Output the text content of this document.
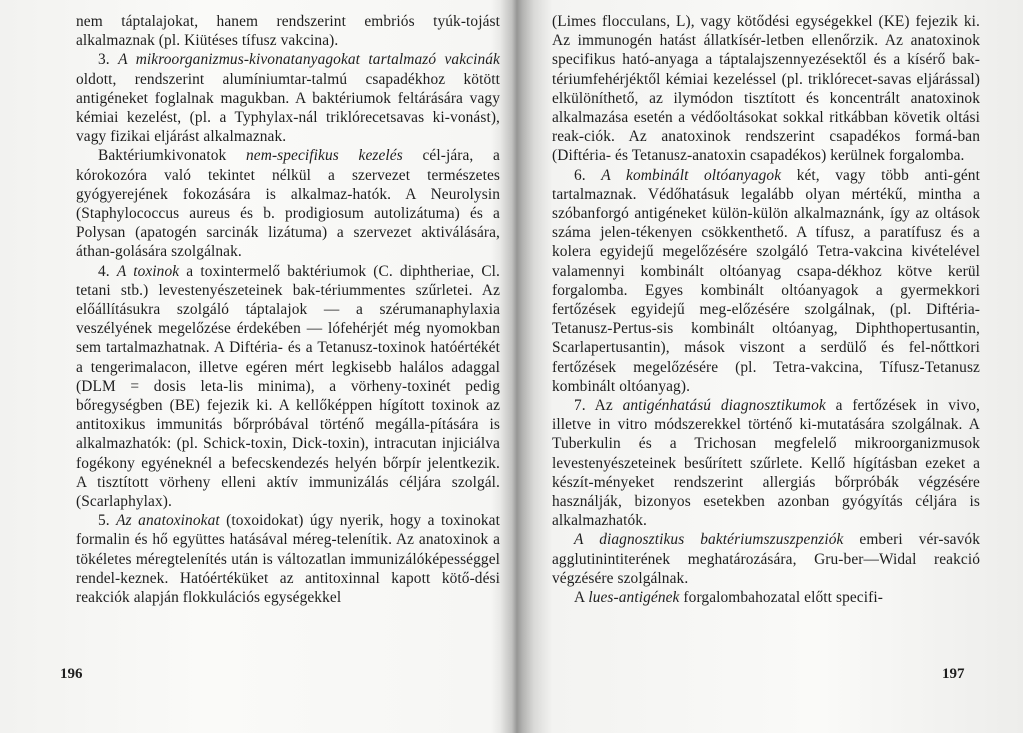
nem táptalajokat, hanem rendszerint embriós tyúk-tojást alkalmaznak (pl. Kiütéses tífusz vakcina).

3. A mikroorganizmus-kivonatanyagokat tartalmazó vakcinák oldott, rendszerint alumíniumtar-talmú csapadékhoz kötött antigéneket foglalnak magukban. A baktériumok feltárására vagy kémiai kezelést, (pl. a Typhylax-nál triklórecetsavas ki-vonást), vagy fizikai eljárást alkalmaznak.

Baktériumkivonatok nem-specifikus kezelés cél-jára, a kórokozóra való tekintet nélkül a szervezet természetes gyógyerejének fokozására is alkalmaz-hatók. A Neurolysin (Staphylococcus aureus és b. prodigiosum autolizátuma) és a Polysan (apatogén sarcinák lizátuma) a szervezet aktiválására, áthan-golására szolgálnak.

4. A toxinok a toxintermelő baktériumok (C. diphtheriae, Cl. tetani stb.) levestenyészeteinek bak-tériummentes szűrletei. Az előállításukra szolgáló táptalajok — a szérumanaphylaxia veszélyének megelőzése érdekében — lófehérjét még nyomokban sem tartalmazhatnak. A Diftéria- és a Tetanusz-toxinok hatóértékét a tengerimalacon, illetve egéren mért legkisebb halálos adaggal (DLM = dosis leta-lis minima), a vörheny-toxinét pedig bőregységben (BE) fejezik ki. A kellőképpen hígított toxinok az antitoxikus immunitás bőrpróbával történő megálla-pítására is alkalmazhatók: (pl. Schick-toxin, Dick-toxin), intracutan injiciálva fogékony egyéneknél a befecskendezés helyén bőrpír jelentkezik. A tisztított vörheny elleni aktív immunizálás céljára szolgál. (Scarlaphylax).

5. Az anatoxinokat (toxoidokat) úgy nyerik, hogy a toxinokat formalin és hő együttes hatásával méreg-telenítik. Az anatoxinok a tökéletes méregtelenítés után is változatlan immunizálóképességgel rendel-keznek. Hatóértéküket az antitoxinnal kapott kötő-dési reakciók alapján flokkulációs egységekkel

196

(Limes flocculans, L), vagy kötődési egységekkel (KE) fejezik ki. Az immunogén hatást állatkísér-letben ellenőrzik. Az anatoxinok specifikus ható-anyaga a táptalajszennyezésektől és a kísérő bak-tériumfehérjéktől kémiai kezeléssel (pl. triklórecet-savas eljárással) elkülöníthető, az ilymódon tisztított és koncentrált anatoxinok alkalmazása esetén a védőoltásokat sokkal ritkábban követik oltási reak-ciók. Az anatoxinok rendszerint csapadékos formá-ban (Diftéria- és Tetanusz-anatoxin csapadékos) kerülnek forgalomba.

6. A kombinált oltóanyagok két, vagy több anti-gént tartalmaznak. Védőhatásuk legalább olyan mértékű, mintha a szóbanforgó antigéneket külön-külön alkalmaznánk, így az oltások száma jelen-tékenyen csökkenthető. A tífusz, a paratífusz és a kolera egyidejű megelőzésére szolgáló Tetra-vakcina kivételével valamennyi kombinált oltóanyag csapa-dékhoz kötve kerül forgalomba. Egyes kombinált oltóanyagok a gyermekkori fertőzések egyidejű meg-előzésére szolgálnak, (pl. Diftéria-Tetanusz-Pertus-sis kombinált oltóanyag, Diphthopertusantin, Scarlapertusantin), mások viszont a serdülő és fel-nőttkori fertőzések megelőzésére (pl. Tetra-vakcina, Tífusz-Tetanusz kombinált oltóanyag).

7. Az antigénhatású diagnosztikumok a fertőzések in vivo, illetve in vitro módszerekkel történő ki-mutatására szolgálnak. A Tuberkulin és a Trichosan megfelelő mikroorganizmusok levestenyészeteinek besűrített szűrlete. Kellő hígításban ezeket a készít-ményeket rendszerint allergiás bőrpróbák végzésére használják, bizonyos esetekben azonban gyógyítás céljára is alkalmazhatók.

A diagnosztikus baktériumszuszpenziók emberi vér-savók agglutinintiterének meghatározására, Gru-ber—Widal reakció végzésére szolgálnak.

A lues-antigének forgalombahozatal előtt specifi-

197
